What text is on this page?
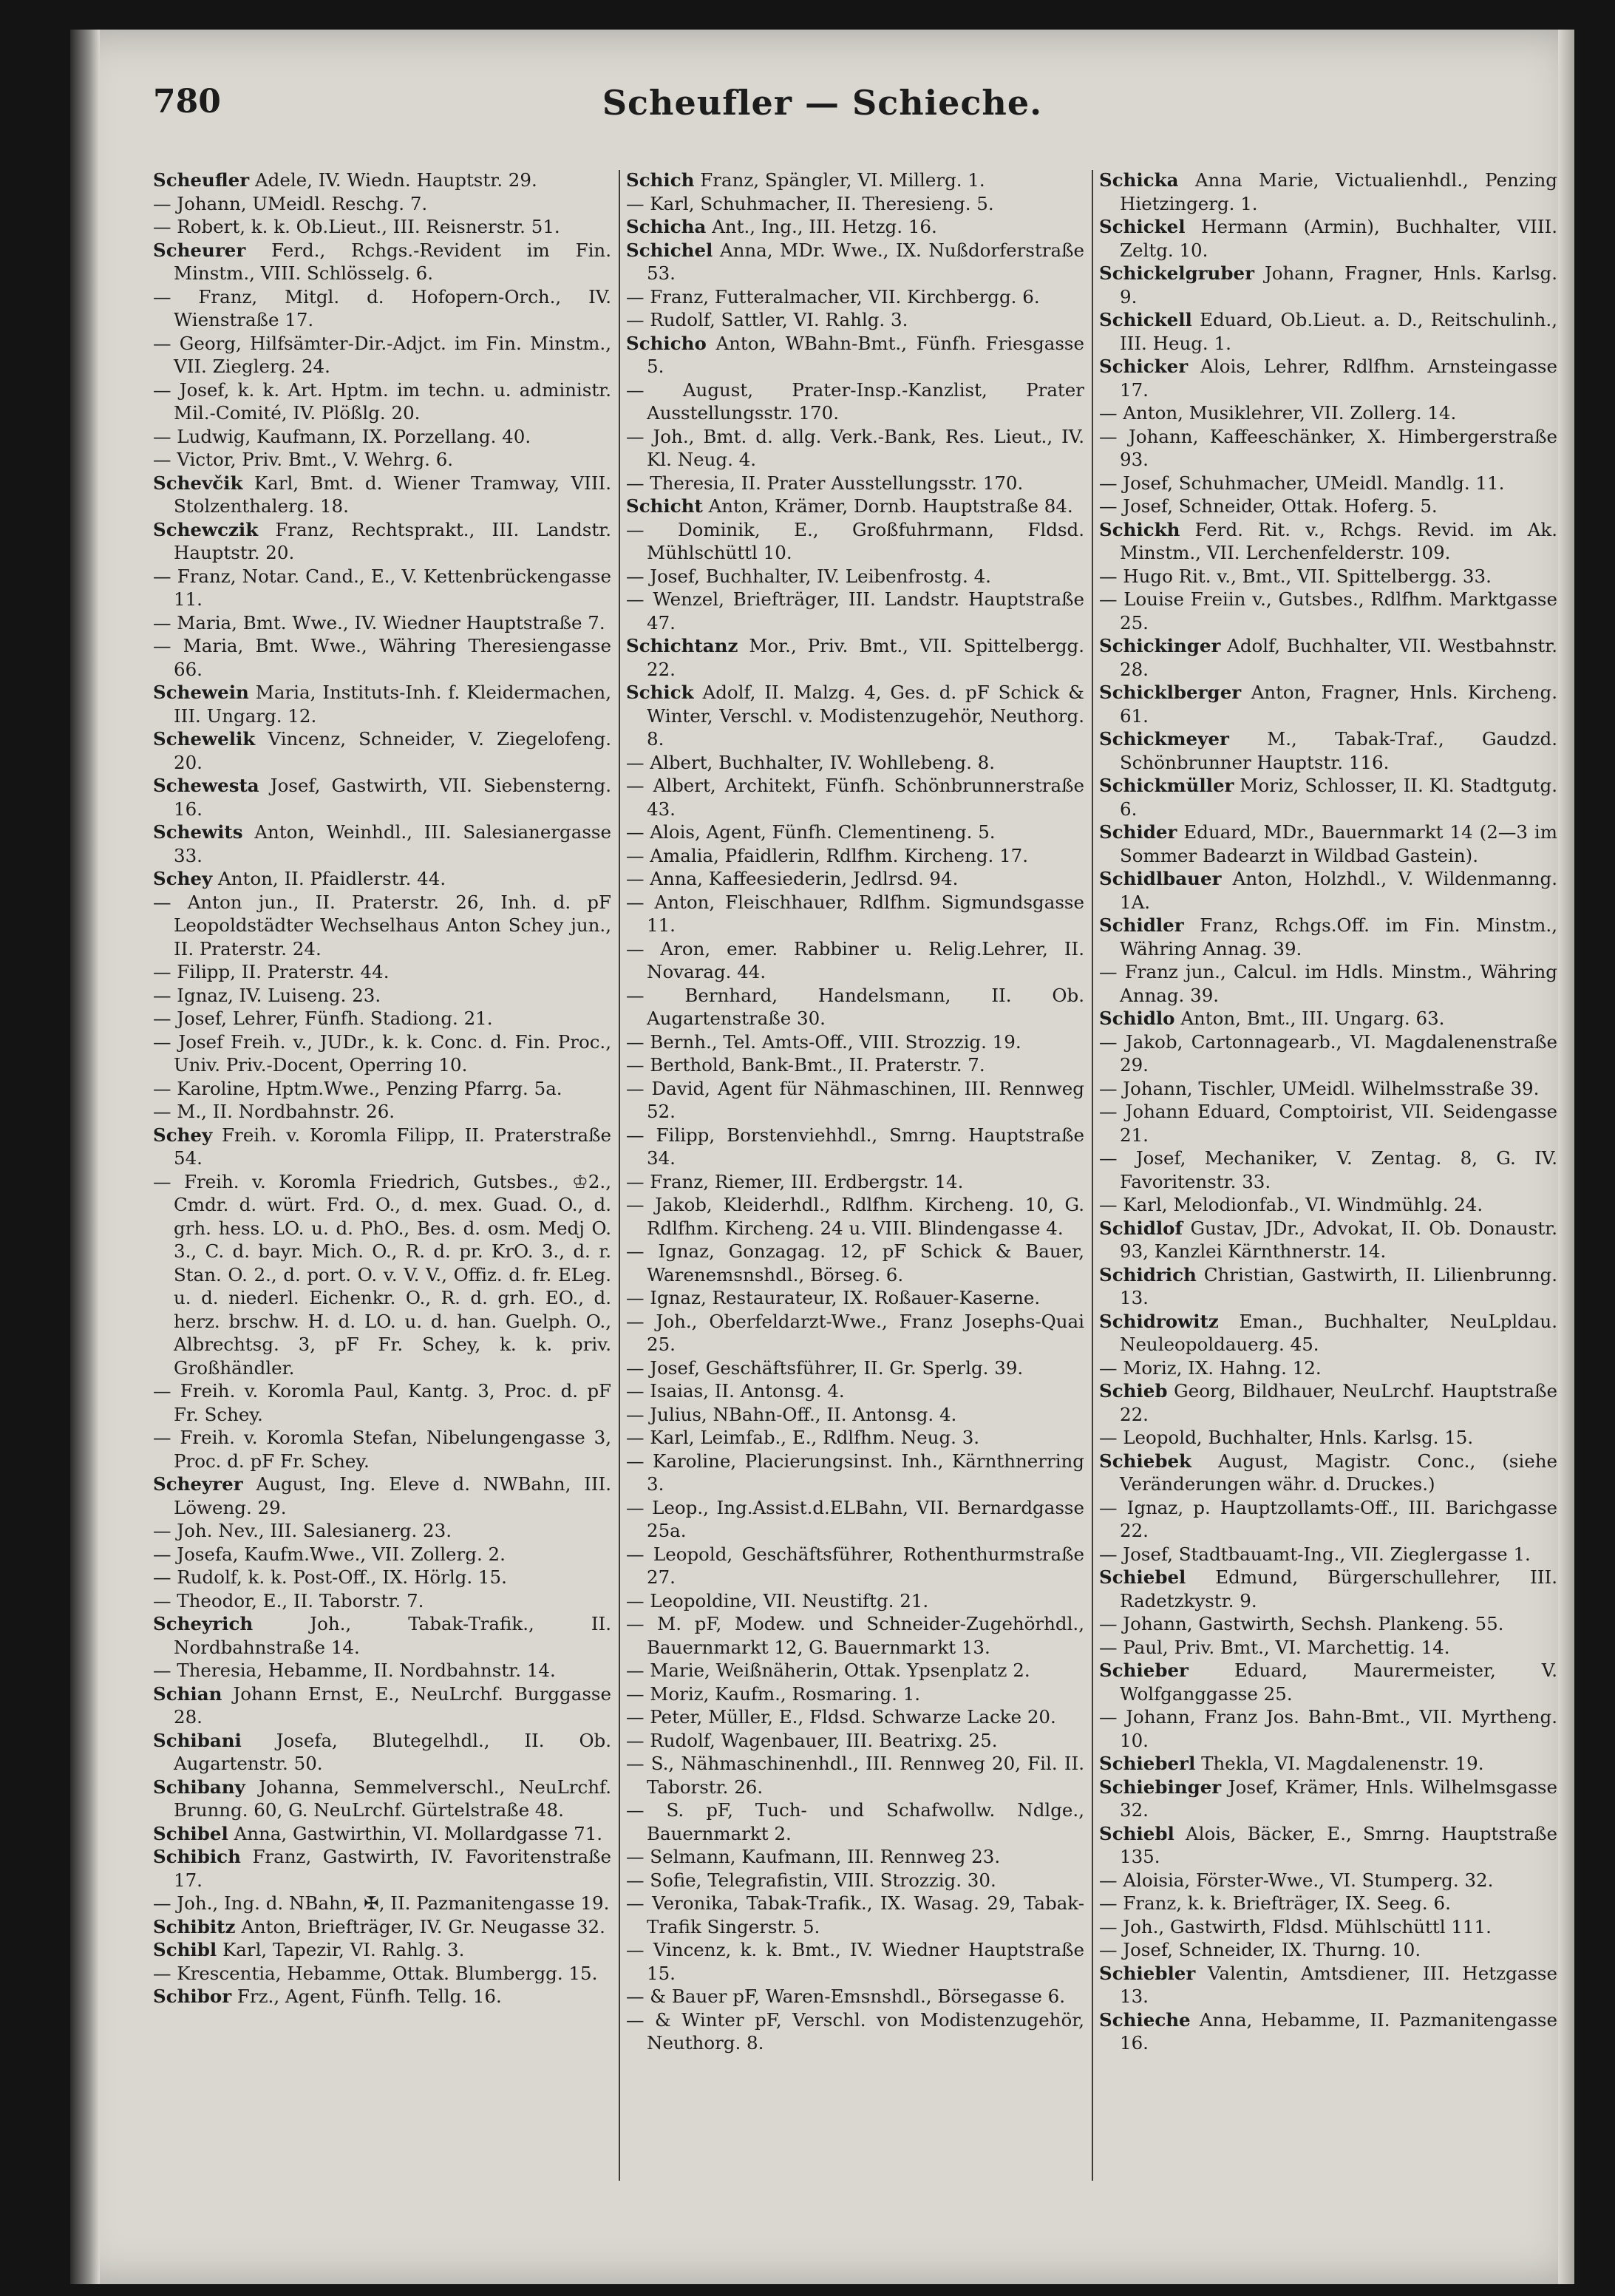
780	Scheufler — Schieche.

Scheufler Adele, IV. Wiedn. Hauptstr. 29.

— Johann, UMeidl. Reschg. 7.

— Robert, k. k. Ob.Lieut., III. Reisnerstr. 51.

Scheurer Ferd., Rchgs.-Revident im Fin. Minstm., VIII. Schlösselg. 6.

— Franz, Mitgl. d. Hofopern-Orch., IV. Wienstraße 17.

— Georg, Hilfsämter-Dir.-Adjct. im Fin. Minstm., VII. Zieglerg. 24.

— Josef, k. k. Art. Hptm. im techn. u. administr. Mil.-Comité, IV. Plößlg. 20.

— Ludwig, Kaufmann, IX. Porzellang. 40.

— Victor, Priv. Bmt., V. Wehrg. 6.

Schevčik Karl, Bmt. d. Wiener Tramway, VIII. Stolzenthalerg. 18.

Schewczik Franz, Rechtsprakt., III. Landstr. Hauptstr. 20.

— Franz, Notar. Cand., E., V. Kettenbrückengasse 11.

— Maria, Bmt. Wwe., IV. Wiedner Hauptstraße 7.

— Maria, Bmt. Wwe., Währing Theresiengasse 66.

Schewein Maria, Instituts-Inh. f. Kleidermachen, III. Ungarg. 12.

Schewelik Vincenz, Schneider, V. Ziegelofeng. 20.

Schewesta Josef, Gastwirth, VII. Siebensterng. 16.

Schewits Anton, Weinhdl., III. Salesianergasse 33.

Schey Anton, II. Pfaidlerstr. 44.

— Anton jun., II. Praterstr. 26, Inh. d. pF Leopoldstädter Wechselhaus Anton Schey jun., II. Praterstr. 24.

— Filipp, II. Praterstr. 44.

— Ignaz, IV. Luiseng. 23.

— Josef, Lehrer, Fünfh. Stadiong. 21.

— Josef Freih. v., JUDr., k. k. Conc. d. Fin. Proc., Univ. Priv.-Docent, Operring 10.

— Karoline, Hptm.Wwe., Penzing Pfarrg. 5a.

— M., II. Nordbahnstr. 26.

Schey Freih. v. Koromla Filipp, II. Praterstraße 54.

— Freih. v. Koromla Friedrich, Gutsbes., ♔2., Cmdr. d. würt. Frd. O., d. mex. Guad. O., d. grh. hess. LO. u. d. PhO., Bes. d. osm. Medj O. 3., C. d. bayr. Mich. O., R. d. pr. KrO. 3., d. r. Stan. O. 2., d. port. O. v. V. V., Offiz. d. fr. ELeg. u. d. niederl. Eichenkr. O., R. d. grh. EO., d. herz. brschw. H. d. LO. u. d. han. Guelph. O., Albrechtsg. 3, pF Fr. Schey, k. k. priv. Großhändler.

— Freih. v. Koromla Paul, Kantg. 3, Proc. d. pF Fr. Schey.

— Freih. v. Koromla Stefan, Nibelungengasse 3, Proc. d. pF Fr. Schey.

Scheyrer August, Ing. Eleve d. NWBahn, III. Löweng. 29.

— Joh. Nev., III. Salesianerg. 23.

— Josefa, Kaufm.Wwe., VII. Zollerg. 2.

— Rudolf, k. k. Post-Off., IX. Hörlg. 15.

— Theodor, E., II. Taborstr. 7.

Scheyrich	Joh., Tabak-Trafik., II. Nordbahnstraße 14.

— Theresia, Hebamme, II. Nordbahnstr. 14.

Schian Johann Ernst, E., NeuLrchf. Burggasse 28.

Schibani Josefa, Blutegelhdl., II. Ob. Augartenstr. 50.

Schibany Johanna, Semmelverschl., NeuLrchf. Brunng. 60, G. NeuLrchf. Gürtelstraße 48.

Schibel Anna, Gastwirthin, VI. Mollardgasse 71.

Schibich Franz, Gastwirth, IV. Favoritenstraße 17.

— Joh., Ing. d. NBahn, ✠, II. Pazmanitengasse 19.

Schibitz Anton, Briefträger, IV. Gr. Neugasse 32.

Schibl Karl, Tapezir, VI. Rahlg. 3.

— Krescentia, Hebamme, Ottak. Blumbergg. 15.

Schibor Frz., Agent, Fünfh. Tellg. 16.

Schich Franz, Spängler, VI. Millerg. 1.

— Karl, Schuhmacher, II. Theresieng. 5.

Schicha Ant., Ing., III. Hetzg. 16.

Schichel Anna, MDr. Wwe., IX. Nußdorferstraße 53.

— Franz, Futteralmacher, VII. Kirchbergg. 6.

— Rudolf, Sattler, VI. Rahlg. 3.

Schicho Anton, WBahn-Bmt., Fünfh. Friesgasse 5.

— August, Prater-Insp.-Kanzlist, Prater Ausstellungsstr. 170.

— Joh., Bmt. d. allg. Verk.-Bank, Res. Lieut., IV. Kl. Neug. 4.

— Theresia, II. Prater Ausstellungsstr. 170.

Schicht Anton, Krämer, Dornb. Hauptstraße 84.

— Dominik, E., Großfuhrmann, Fldsd. Mühlschüttl 10.

— Josef, Buchhalter, IV. Leibenfrostg. 4.

— Wenzel, Briefträger, III. Landstr. Hauptstraße 47.

Schichtanz Mor., Priv. Bmt., VII. Spittelbergg. 22.

Schick Adolf, II. Malzg. 4, Ges. d. pF Schick & Winter, Verschl. v. Modistenzugehör, Neuthorg. 8.

— Albert, Buchhalter, IV. Wohllebeng. 8.

— Albert, Architekt, Fünfh. Schönbrunnerstraße 43.

— Alois, Agent, Fünfh. Clementineng. 5.

— Amalia, Pfaidlerin, Rdlfhm. Kircheng. 17.

— Anna, Kaffeesiederin, Jedlrsd. 94.

— Anton, Fleischhauer, Rdlfhm. Sigmundsgasse 11.

— Aron, emer. Rabbiner u. Relig.Lehrer, II. Novarag. 44.

— Bernhard, Handelsmann, II. Ob. Augartenstraße 30.

— Bernh., Tel. Amts-Off., VIII. Strozzig. 19.

— Berthold, Bank-Bmt., II. Praterstr. 7.

— David, Agent für Nähmaschinen, III. Rennweg 52.

— Filipp, Borstenviehhdl., Smrng. Hauptstraße 34.

— Franz, Riemer, III. Erdbergstr. 14.

— Jakob, Kleiderhdl., Rdlfhm. Kircheng. 10, G. Rdlfhm. Kircheng. 24 u. VIII. Blindengasse 4.

— Ignaz, Gonzagag. 12, pF Schick & Bauer, Warenemsnshdl., Börseg. 6.

— Ignaz, Restaurateur, IX. Roßauer-Kaserne.

— Joh., Oberfeldarzt-Wwe., Franz Josephs-Quai 25.

— Josef, Geschäftsführer, II. Gr. Sperlg. 39.

— Isaias, II. Antonsg. 4.

— Julius, NBahn-Off., II. Antonsg. 4.

— Karl, Leimfab., E., Rdlfhm. Neug. 3.

— Karoline, Placierungsinst. Inh., Kärnthnerring 3.

— Leop., Ing.Assist.d.ELBahn, VII. Bernardgasse 25a.

— Leopold, Geschäftsführer, Rothenthurmstraße 27.

— Leopoldine, VII. Neustiftg. 21.

— M. pF, Modew. und Schneider-Zugehörhdl., Bauernmarkt 12, G. Bauernmarkt 13.

— Marie, Weißnäherin, Ottak. Ypsenplatz 2.

— Moriz, Kaufm., Rosmaring. 1.

— Peter, Müller, E., Fldsd. Schwarze Lacke 20.

— Rudolf, Wagenbauer, III. Beatrixg. 25.

— S., Nähmaschinenhdl., III. Rennweg 20, Fil. II. Taborstr. 26.

— S. pF, Tuch- und Schafwollw. Ndlge., Bauernmarkt 2.

— Selmann, Kaufmann, III. Rennweg 23.

— Sofie, Telegrafistin, VIII. Strozzig. 30.

— Veronika, Tabak-Trafik., IX. Wasag. 29, Tabak-Trafik Singerstr. 5.

— Vincenz, k. k. Bmt., IV. Wiedner Hauptstraße 15.

— & Bauer pF, Waren-Emsnshdl., Börsegasse 6.

— & Winter pF, Verschl. von Modistenzugehör, Neuthorg. 8.

Schicka Anna Marie, Victualienhdl., Penzing Hietzingerg. 1.

Schickel Hermann (Armin), Buchhalter, VIII. Zeltg. 10.

Schickelgruber Johann, Fragner, Hnls. Karlsg. 9.

Schickell Eduard, Ob.Lieut. a. D., Reitschulinh., III. Heug. 1.

Schicker Alois, Lehrer, Rdlfhm. Arnsteingasse 17.

— Anton, Musiklehrer, VII. Zollerg. 14.

— Johann, Kaffeeschänker, X. Himbergerstraße 93.

— Josef, Schuhmacher, UMeidl. Mandlg. 11.

— Josef, Schneider, Ottak. Hoferg. 5.

Schickh Ferd. Rit. v., Rchgs. Revid. im Ak. Minstm., VII. Lerchenfelderstr. 109.

— Hugo Rit. v., Bmt., VII. Spittelbergg. 33.

— Louise Freiin v., Gutsbes., Rdlfhm. Marktgasse 25.

Schickinger Adolf, Buchhalter, VII. Westbahnstr. 28.

Schicklberger Anton, Fragner, Hnls. Kircheng. 61.

Schickmeyer M., Tabak-Traf., Gaudzd. Schönbrunner Hauptstr. 116.

Schickmüller Moriz, Schlosser, II. Kl. Stadtgutg. 6.

Schider Eduard, MDr., Bauernmarkt 14 (2—3 im Sommer Badearzt in Wildbad Gastein).

Schidlbauer Anton, Holzhdl., V. Wildenmanng. 1A.

Schidler Franz, Rchgs.Off. im Fin. Minstm., Währing Annag. 39.

— Franz jun., Calcul. im Hdls. Minstm., Währing Annag. 39.

Schidlo Anton, Bmt., III. Ungarg. 63.

— Jakob, Cartonnagearb., VI. Magdalenenstraße 29.

— Johann, Tischler, UMeidl. Wilhelmsstraße 39.

— Johann Eduard, Comptoirist, VII. Seidengasse 21.

— Josef, Mechaniker, V. Zentag. 8, G. IV. Favoritenstr. 33.

— Karl, Melodionfab., VI. Windmühlg. 24.

Schidlof Gustav, JDr., Advokat, II. Ob. Donaustr. 93, Kanzlei Kärnthnerstr. 14.

Schidrich Christian, Gastwirth, II. Lilienbrunng. 13.

Schidrowitz Eman., Buchhalter, NeuLpldau. Neuleopoldauerg. 45.

— Moriz, IX. Hahng. 12.

Schieb Georg, Bildhauer, NeuLrchf. Hauptstraße 22.

— Leopold, Buchhalter, Hnls. Karlsg. 15.

Schiebek August, Magistr. Conc., (siehe Veränderungen währ. d. Druckes.)

— Ignaz, p. Hauptzollamts-Off., III. Barichgasse 22.

— Josef, Stadtbauamt-Ing., VII. Zieglergasse 1.

Schiebel Edmund, Bürgerschullehrer, III. Radetzkystr. 9.

— Johann, Gastwirth, Sechsh. Plankeng. 55.

— Paul, Priv. Bmt., VI. Marchettig. 14.

Schieber	Eduard, Maurermeister, V. Wolfganggasse 25.

— Johann, Franz Jos. Bahn-Bmt., VII. Myrtheng. 10.

Schieberl Thekla, VI. Magdalenenstr. 19.

Schiebinger Josef, Krämer, Hnls. Wilhelmsgasse 32.

Schiebl Alois, Bäcker, E., Smrng. Hauptstraße 135.

— Aloisia, Förster-Wwe., VI. Stumperg. 32.

— Franz, k. k. Briefträger, IX. Seeg. 6.

— Joh., Gastwirth, Fldsd. Mühlschüttl 111.

— Josef, Schneider, IX. Thurng. 10.

Schiebler Valentin, Amtsdiener, III. Hetzgasse 13.

Schieche Anna, Hebamme, II. Pazmanitengasse 16.
